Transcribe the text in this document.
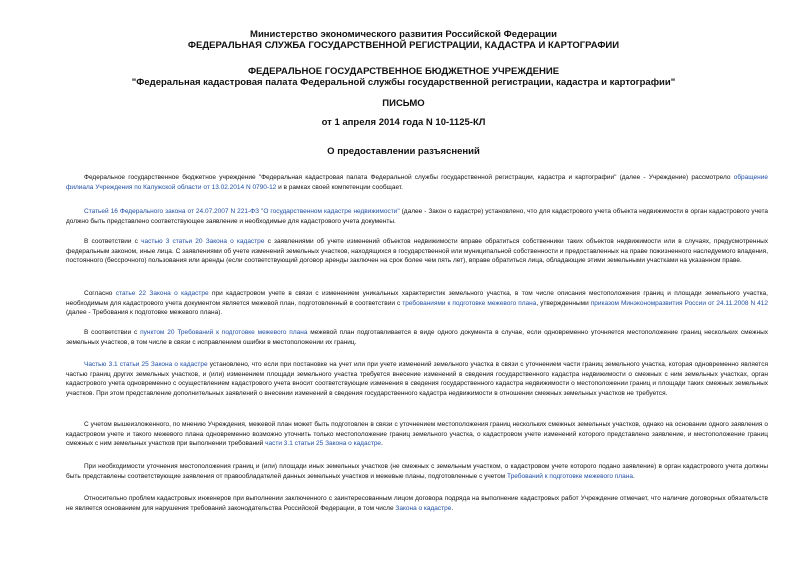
Министерство экономического развития Российской Федерации
ФЕДЕРАЛЬНАЯ СЛУЖБА ГОСУДАРСТВЕННОЙ РЕГИСТРАЦИИ, КАДАСТРА И КАРТОГРАФИИ
ФЕДЕРАЛЬНОЕ ГОСУДАРСТВЕННОЕ БЮДЖЕТНОЕ УЧРЕЖДЕНИЕ
"Федеральная кадастровая палата Федеральной службы государственной регистрации, кадастра и картографии"
ПИСЬМО
от 1 апреля 2014 года N 10-1125-КЛ
О предоставлении разъяснений

Федеральное государственное бюджетное учреждение "Федеральная кадастровая палата Федеральной службы государственной регистрации, кадастра и картографии" (далее - Учреждение) рассмотрело обращение филиала Учреждения по Калужской области от 13.02.2014 N 0790-12 и в рамках своей компетенции сообщает.

Статьей 16 Федерального закона от 24.07.2007 N 221-ФЗ "О государственном кадастре недвижимости" (далее - Закон о кадастре) установлено, что для кадастрового учета объекта недвижимости в орган кадастрового учета должно быть представлено соответствующее заявление и необходимые для кадастрового учета документы.

В соответствии с частью 3 статьи 20 Закона о кадастре с заявлениями об учете изменений объектов недвижимости вправе обратиться собственники таких объектов недвижимости или в случаях, предусмотренных федеральным законом, иные лица. С заявлениями об учете изменений земельных участков, находящихся в государственной или муниципальной собственности и предоставленных на праве пожизненного наследуемого владения, постоянного (бессрочного) пользования или аренды (если соответствующий договор аренды заключен на срок более чем пять лет), вправе обратиться лица, обладающие этими земельными участками на указанном праве.

Согласно статье 22 Закона о кадастре при кадастровом учете в связи с изменением уникальных характеристик земельного участка, в том числе описания местоположения границ и площади земельного участка, необходимым для кадастрового учета документом является межевой план, подготовленный в соответствии с требованиями к подготовке межевого плана, утвержденными приказом Минэкономразвития России от 24.11.2008 N 412 (далее - Требования к подготовке межевого плана).

В соответствии с пунктом 20 Требований к подготовке межевого плана межевой план подготавливается в виде одного документа в случае, если одновременно уточняется местоположение границ нескольких смежных земельных участков, в том числе в связи с исправлением ошибки в местоположении их границ.

Частью 3.1 статьи 25 Закона о кадастре установлено, что если при постановке на учет или при учете изменений земельного участка в связи с уточнением части границ земельного участка, которая одновременно является частью границ других земельных участков, и (или) изменением площади земельного участка требуется внесение изменений в сведения государственного кадастра недвижимости о смежных с ним земельных участках, орган кадастрового учета одновременно с осуществлением кадастрового учета вносит соответствующие изменения в сведения государственного кадастра недвижимости о местоположении границ и площади таких смежных земельных участков. При этом представление дополнительных заявлений о внесении изменений в сведения государственного кадастра недвижимости в отношении смежных земельных участков не требуется.

С учетом вышеизложенного, по мнению Учреждения, межевой план может быть подготовлен в связи с уточнением местоположения границ нескольких смежных земельных участков, однако на основании одного заявления о кадастровом учете и такого межевого плана одновременно возможно уточнить только местоположение границ земельного участка, о кадастровом учете изменений которого представлено заявление, и местоположение границ смежных с ним земельных участков при выполнении требований части 3.1 статьи 25 Закона о кадастре.

При необходимости уточнения местоположения границ и (или) площади иных земельных участков (не смежных с земельным участком, о кадастровом учете которого подано заявление) в орган кадастрового учета должны быть представлены соответствующие заявления от правообладателей данных земельных участков и межевые планы, подготовленные с учетом Требований к подготовке межевого плана.

Относительно проблем кадастровых инженеров при выполнении заключенного с заинтересованным лицом договора подряда на выполнение кадастровых работ Учреждение отмечает, что наличие договорных обязательств не является основанием для нарушения требований законодательства Российской Федерации, в том числе Закона о кадастре.
